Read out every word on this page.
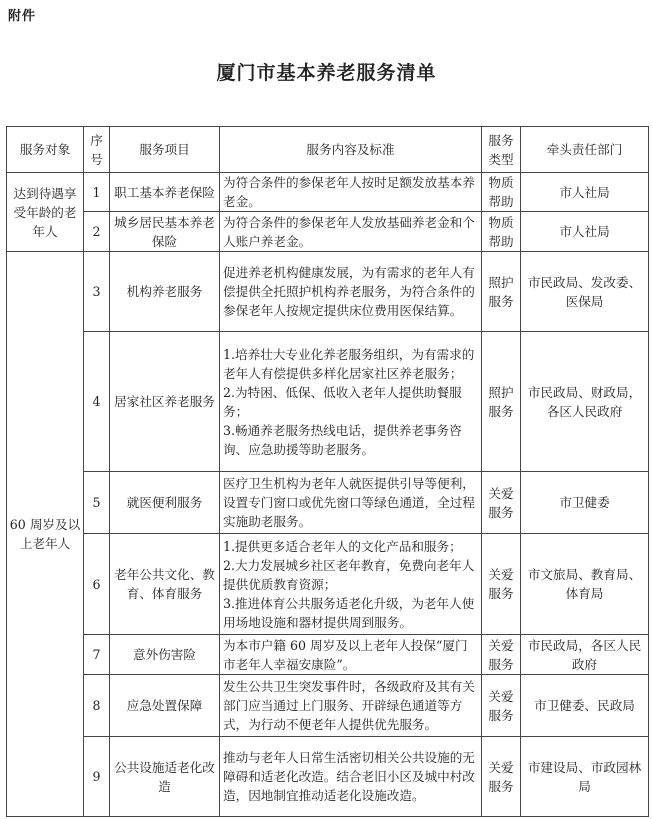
附件
厦门市基本养老服务清单
服务对象	序号	服务项目	服务内容及标准	服务类型	牵头责任部门
达到待遇享受年龄的老年人	1	职工基本养老保险	为符合条件的参保老年人按时足额发放基本养老金。	物质帮助	市人社局
	2	城乡居民基本养老保险	为符合条件的参保老年人发放基础养老金和个人账户养老金。	物质帮助	市人社局
60 周岁及以上老年人	3	机构养老服务	促进养老机构健康发展，为有需求的老年人有偿提供全托照护机构养老服务，为符合条件的参保老年人按规定提供床位费用医保结算。	照护服务	市民政局、发改委、医保局
	4	居家社区养老服务	1.培养壮大专业化养老服务组织，为有需求的老年人有偿提供多样化居家社区养老服务；
2.为特困、低保、低收入老年人提供助餐服务；
3.畅通养老服务热线电话，提供养老事务咨询、应急助援等助老服务。	照护服务	市民政局、财政局，各区人民政府
	5	就医便利服务	医疗卫生机构为老年人就医提供引导等便利，设置专门窗口或优先窗口等绿色通道，全过程实施助老服务。	关爱服务	市卫健委
	6	老年公共文化、教育、体育服务	1.提供更多适合老年人的文化产品和服务；
2.大力发展城乡社区老年教育，免费向老年人提供优质教育资源；
3.推进体育公共服务适老化升级，为老年人使用场地设施和器材提供周到服务。	关爱服务	市文旅局、教育局、体育局
	7	意外伤害险	为本市户籍 60 周岁及以上老年人投保“厦门市老年人幸福安康险”。	关爱服务	市民政局，各区人民政府
	8	应急处置保障	发生公共卫生突发事件时，各级政府及其有关部门应当通过上门服务、开辟绿色通道等方式，为行动不便老年人提供优先服务。	关爱服务	市卫健委、民政局
	9	公共设施适老化改造	推动与老年人日常生活密切相关公共设施的无障碍和适老化改造。结合老旧小区及城中村改造，因地制宜推动适老化设施改造。	关爱服务	市建设局、市政园林局
